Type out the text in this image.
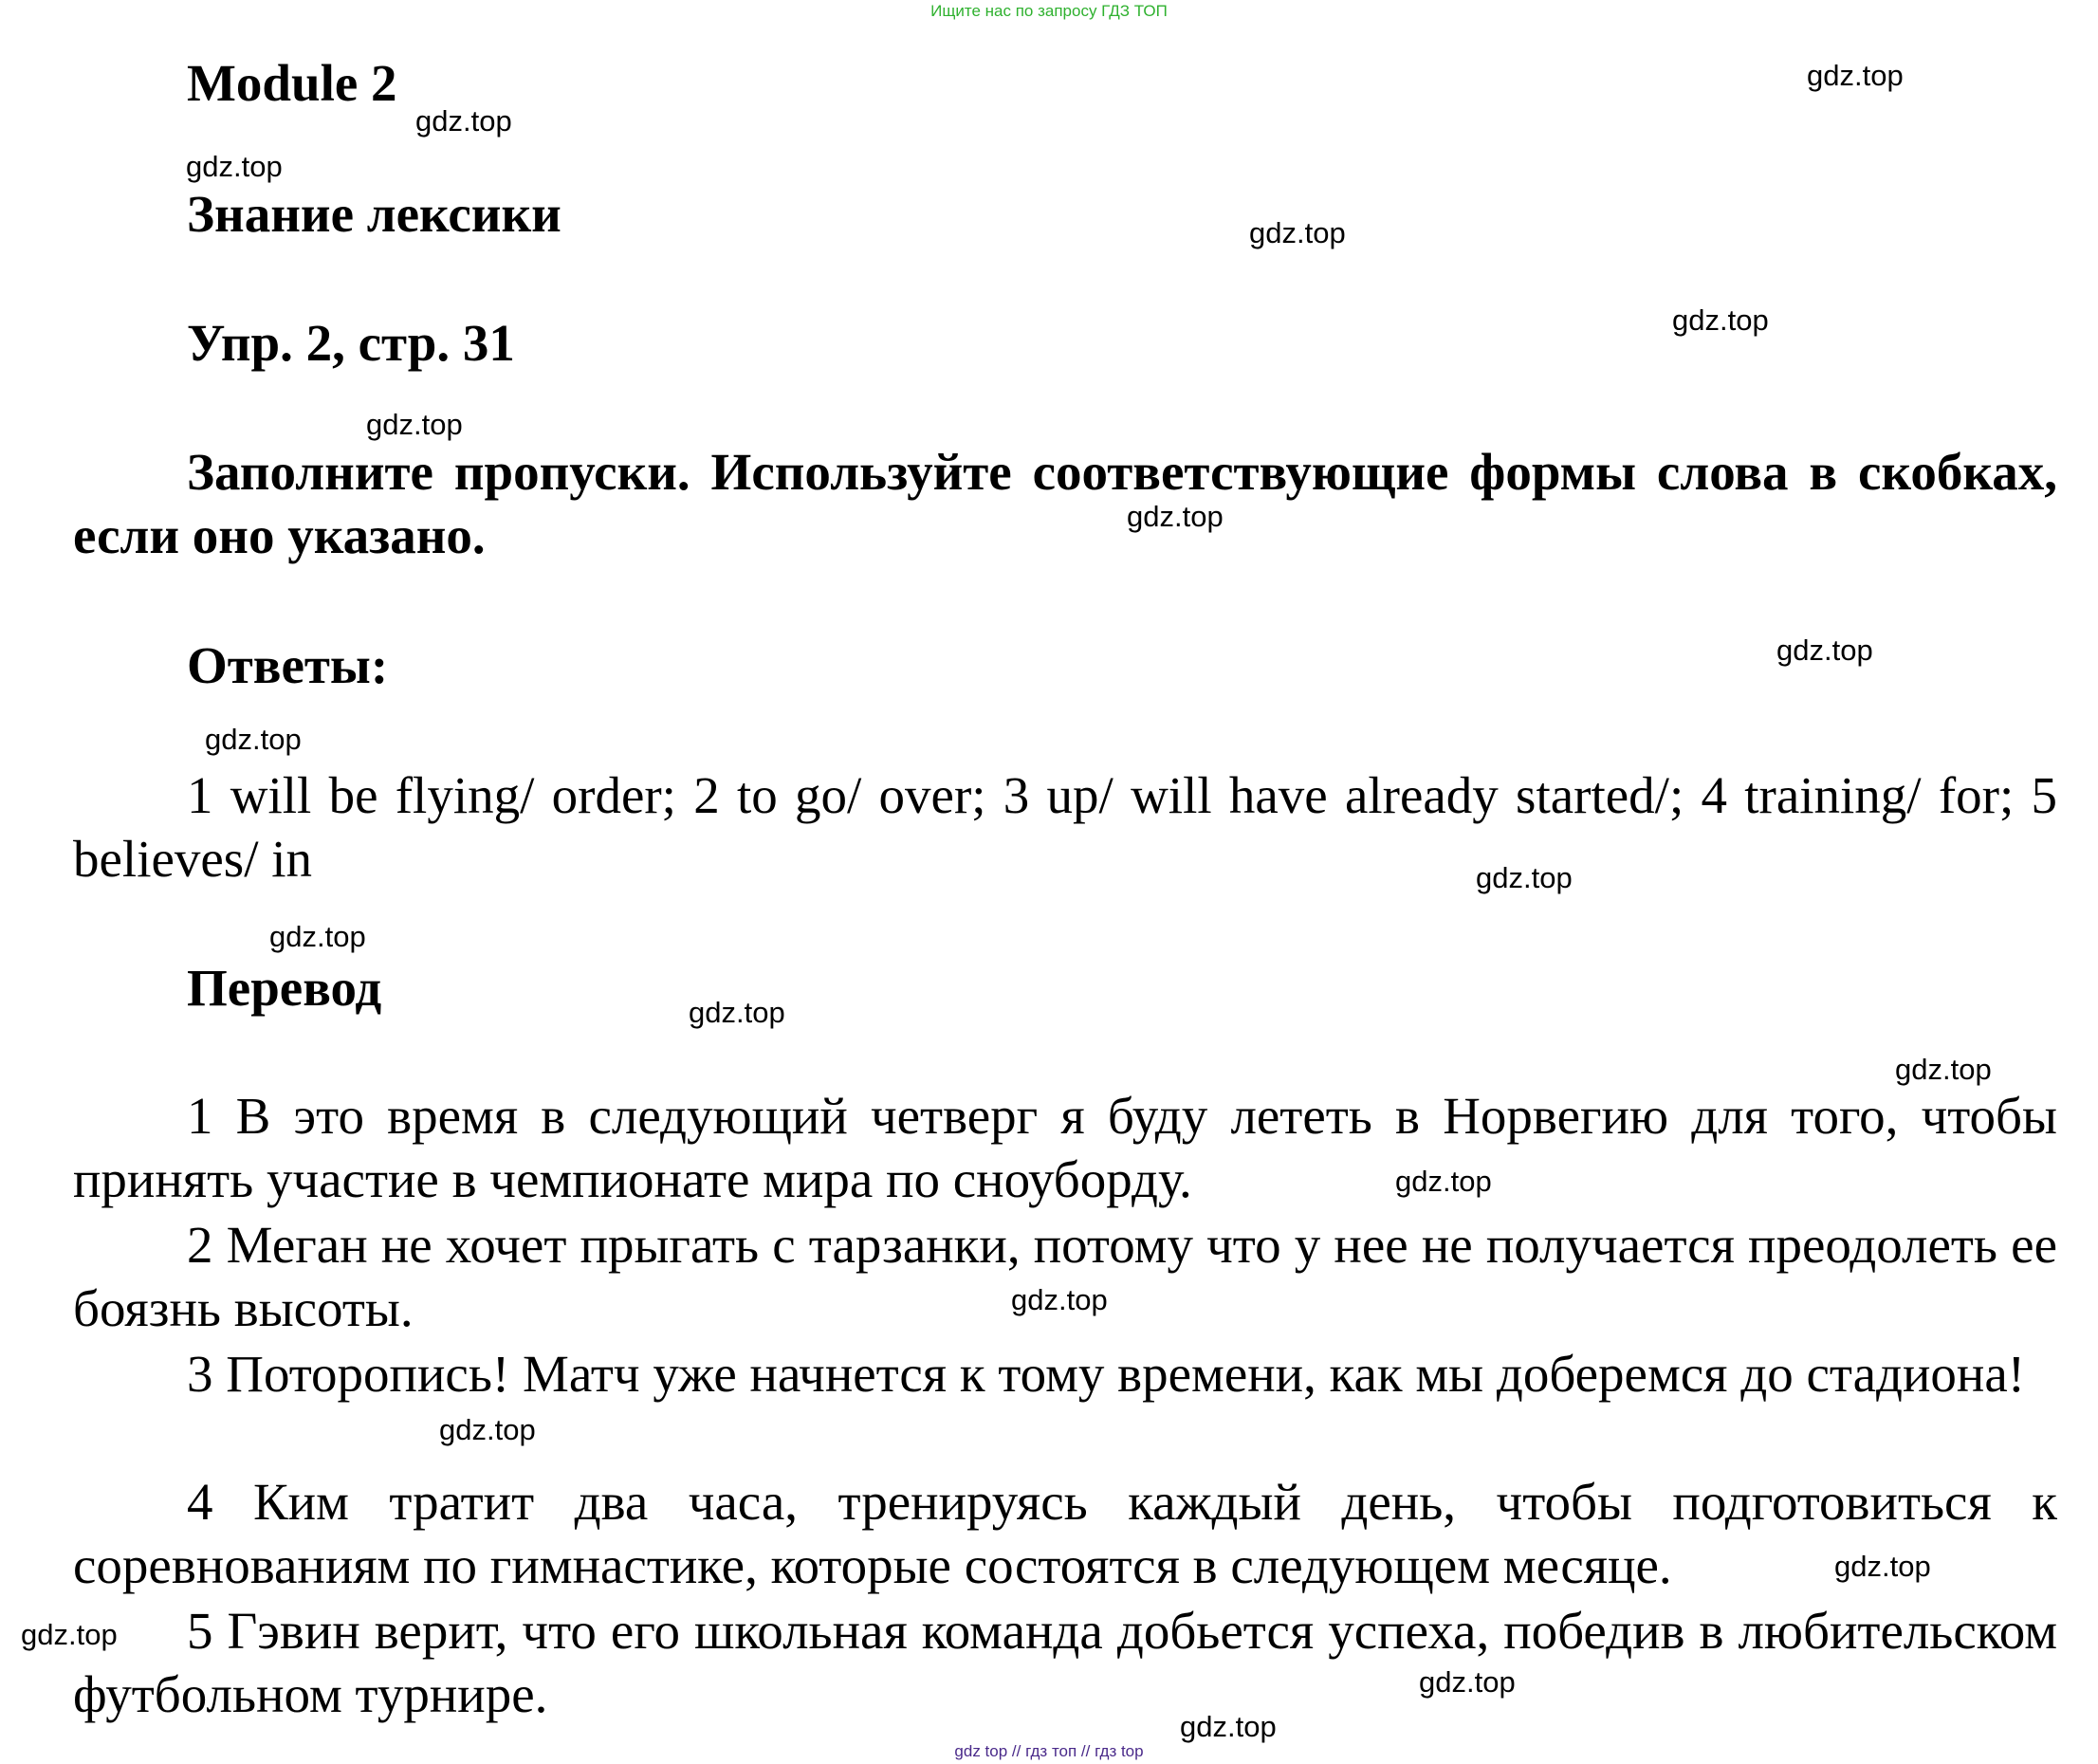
Ищите нас по запросу ГДЗ ТОП
Module 2
Знание лексики
Упр. 2, стр. 31

Заполните пропуски. Используйте соответствующие формы слова в скобках, если оно указано.

Ответы:

1 will be flying/ order; 2 to go/ over; 3 up/ will have already started/; 4 training/ for; 5 believes/ in

Перевод

1 В это время в следующий четверг я буду лететь в Норвегию для того, чтобы принять участие в чемпионате мира по сноуборду.

2 Меган не хочет прыгать с тарзанки, потому что у нее не получается преодолеть ее боязнь высоты.

3 Поторопись! Матч уже начнется к тому времени, как мы доберемся до стадиона!

4 Ким тратит два часа, тренируясь каждый день, чтобы подготовиться к соревнованиям по гимнастике, которые состоятся в следующем месяце.

5 Гэвин верит, что его школьная команда добьется успеха, победив в любительском футбольном турнире.

gdz.top
gdz.top
gdz.top
gdz.top
gdz.top
gdz.top
gdz.top
gdz.top
gdz.top
gdz.top
gdz.top
gdz.top
gdz.top
gdz.top
gdz.top
gdz.top
gdz.top
gdz.top
gdz.top
gdz.top
gdz top // гдз топ // гдз top
